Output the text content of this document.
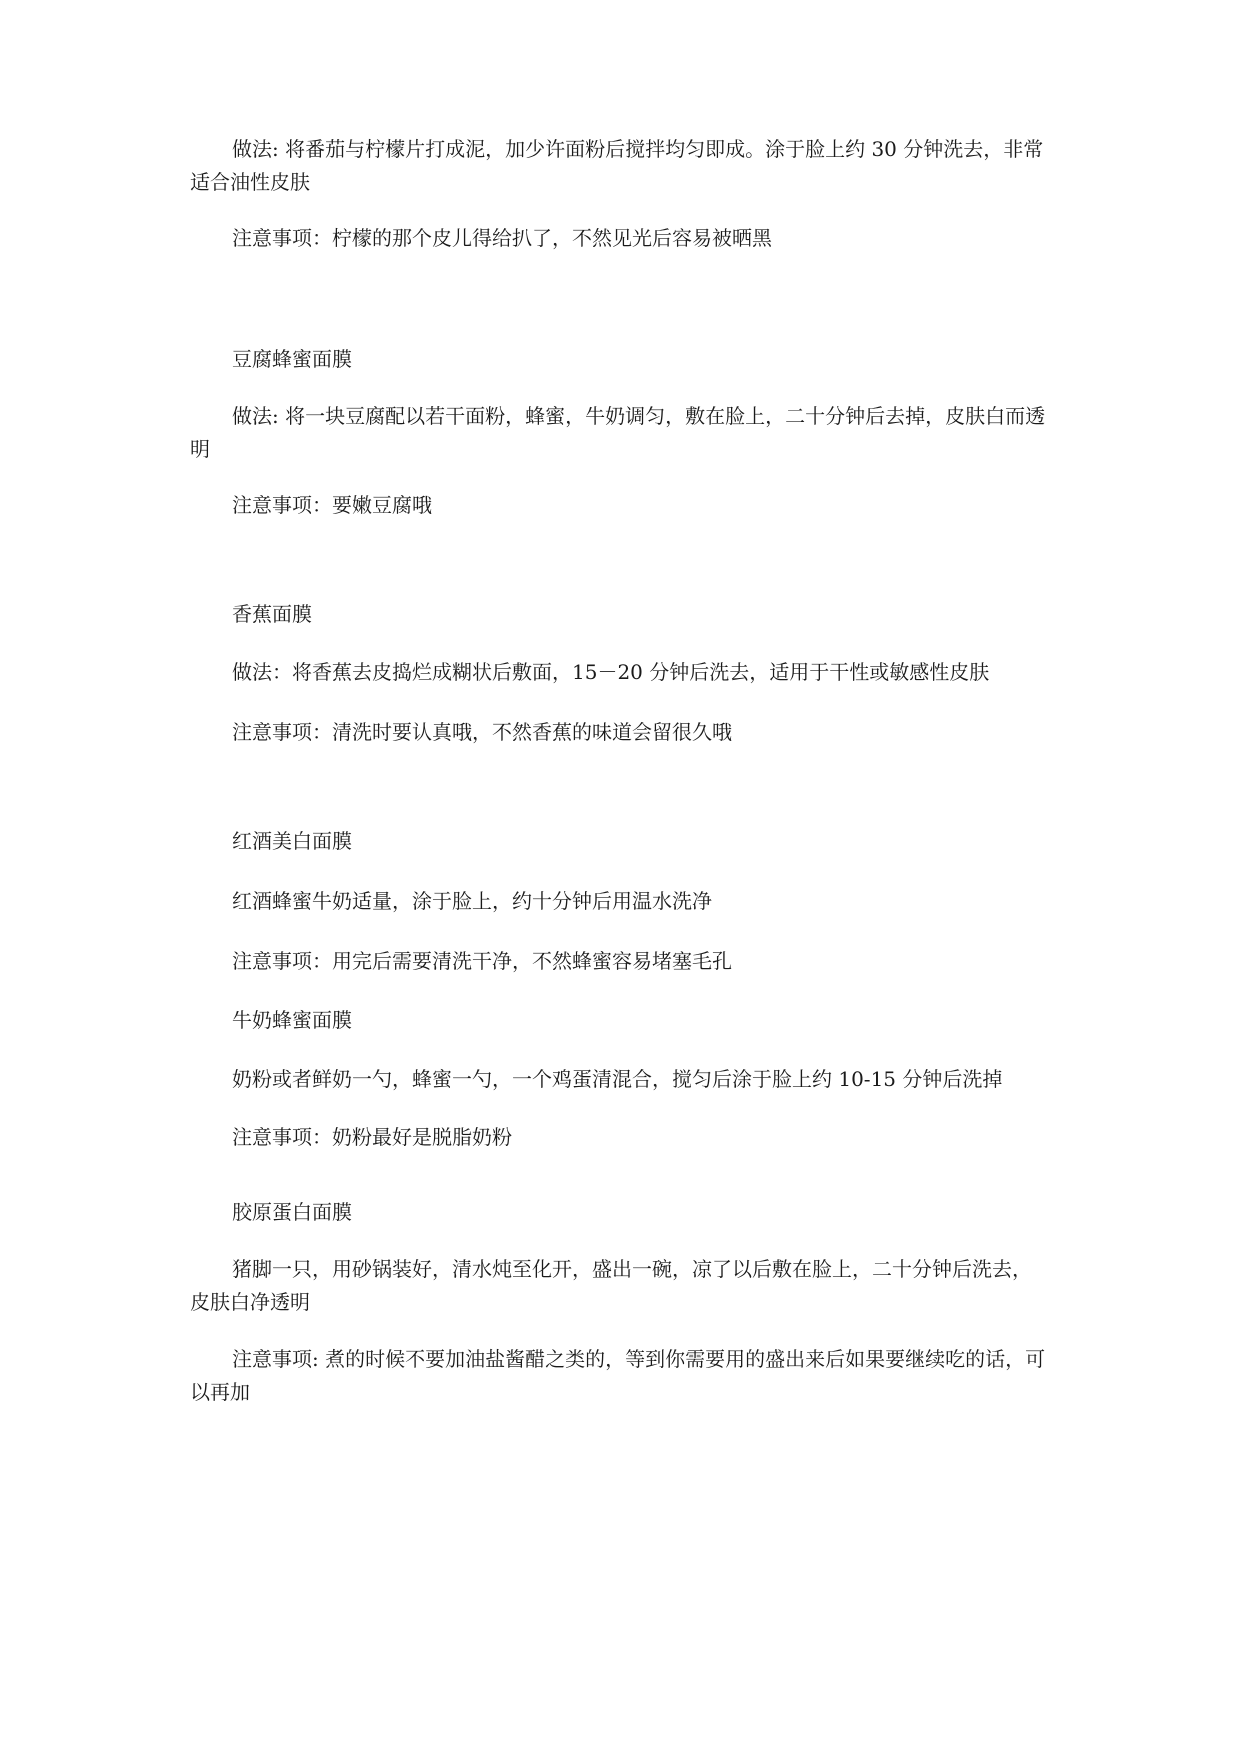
做法: 将番茄与柠檬片打成泥，加少许面粉后搅拌均匀即成。涂于脸上约 30 分钟洗去，非常适合油性皮肤

注意事项：柠檬的那个皮儿得给扒了，不然见光后容易被晒黑

豆腐蜂蜜面膜

做法: 将一块豆腐配以若干面粉，蜂蜜，牛奶调匀，敷在脸上，二十分钟后去掉，皮肤白而透明

注意事项：要嫩豆腐哦

香蕉面膜

做法：将香蕉去皮捣烂成糊状后敷面，15－20 分钟后洗去，适用于干性或敏感性皮肤

注意事项：清洗时要认真哦，不然香蕉的味道会留很久哦

红酒美白面膜

红酒蜂蜜牛奶适量，涂于脸上，约十分钟后用温水洗净

注意事项：用完后需要清洗干净，不然蜂蜜容易堵塞毛孔

牛奶蜂蜜面膜

奶粉或者鲜奶一勺，蜂蜜一勺，一个鸡蛋清混合，搅匀后涂于脸上约 10-15 分钟后洗掉

注意事项：奶粉最好是脱脂奶粉

胶原蛋白面膜

猪脚一只，用砂锅装好，清水炖至化开，盛出一碗，凉了以后敷在脸上，二十分钟后洗去，皮肤白净透明

注意事项: 煮的时候不要加油盐酱醋之类的，等到你需要用的盛出来后如果要继续吃的话，可以再加
